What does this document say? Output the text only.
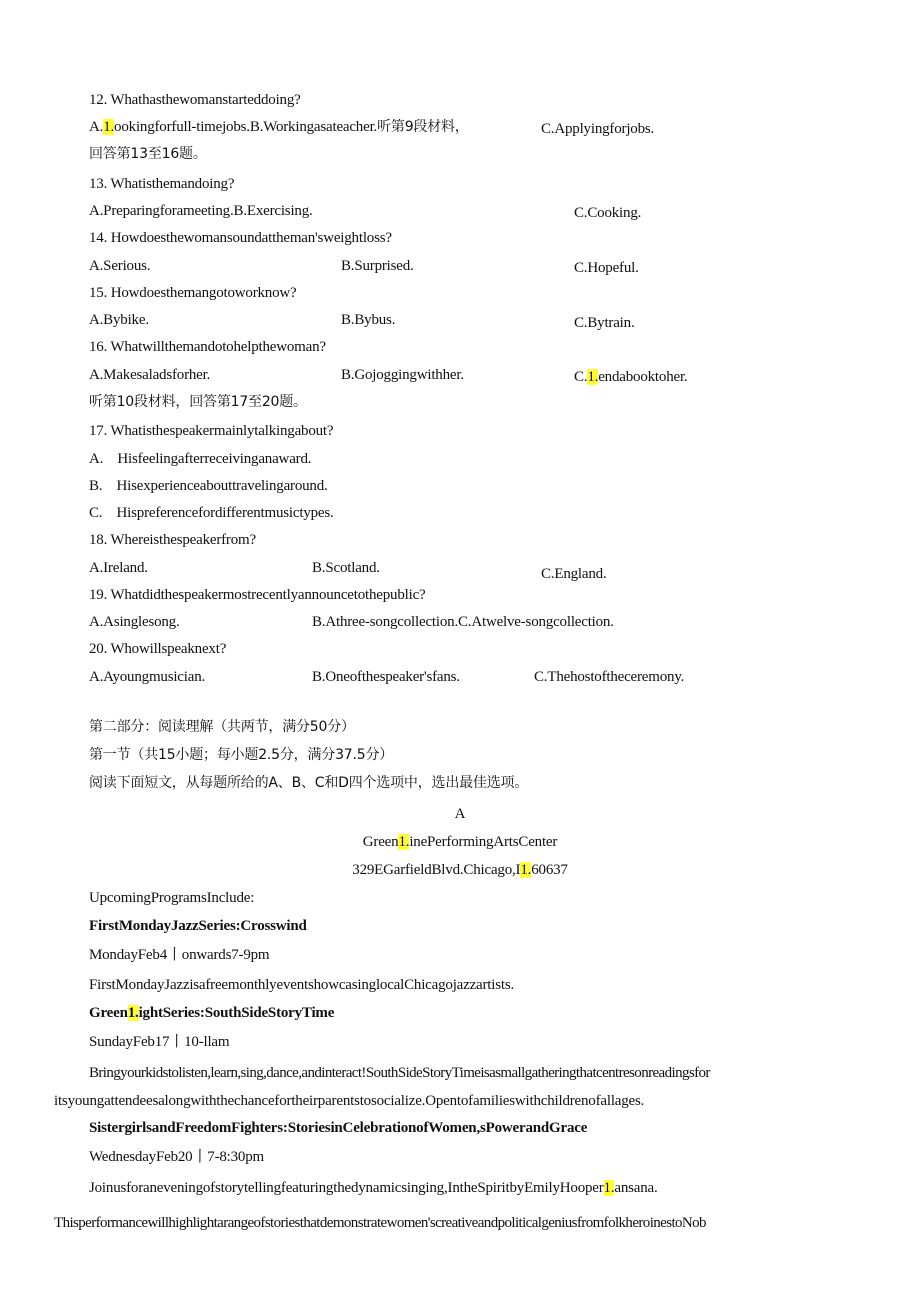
12. Whathasthewomanstarteddoing?
A.1.ookingforfull-timejobs.B.Workingasateacher.听第9段材料，	C.Applyingforjobs.
回答第13至16题。
13. Whatisthemandoing?
A.Preparingforameeting.B.Exercising.	C.Cooking.
14. Howdoesthewomansoundattheman'sweightloss?
A.Serious.	B.Surprised.	C.Hopeful.
15. Howdoesthemangotoworknow?
A.Bybike.	B.Bybus.	C.Bytrain.
16. Whatwillthemandotohelpthewoman?
A.Makesaladsforher.	B.Gojoggingwithher.	C.1.endabooktoher.
听第10段材料，回答第17至20题。
17. Whatisthespeakermainlytalkingabout?
A.    Hisfeelingafterreceivinganaward.
B.    Hisexperienceabouttravelingaround.
C.    Hispreferencefordifferentmusictypes.
18. Whereisthespeakerfrom?
A.Ireland.	B.Scotland.	C.England.
19. Whatdidthespeakermostrecentlyannouncetothepublic?
A.Asinglesong.	B.Athree-songcollection.C.Atwelve-songcollection.
20. Whowillspeaknext?
A.Ayoungmusician.	B.Oneofthespeaker'sfans.	C.Thehostoftheceremony.
第二部分：阅读理解（共两节，满分50分）
第一节（共15小题；每小题2.5分，满分37.5分）
阅读下面短文，从每题所给的A、B、C和D四个选项中，选出最佳选项。
A
Green1.inePerformingArtsCenter
329EGarfieldBlvd.Chicago,I1.60637
UpcomingProgramsInclude:
FirstMondayJazzSeries:Crosswind
MondayFeb4丨onwards7-9pm
FirstMondayJazzisafreemonthlyeventshowcasinglocalChicagojazzartists.
Green1.ightSeries:SouthSideStoryTime
SundayFeb17丨10-llam
Bringyourkidstolisten,learn,sing,dance,andinteract!SouthSideStoryTimeisasmallgatheringthatcentresonreadingsfor
itsyoungattendeesalongwiththechancefortheirparentstosocialize.Opentofamilieswithchildrenofallages.
SistergirlsandFreedomFighters:StoriesinCelebrationofWomen,sPowerandGrace
WednesdayFeb20丨7-8:30pm
Joinusforaneveningofstorytellingfeaturingthedynamicsinging,IntheSpiritbyEmilyHooper1.ansana.
Thisperformancewillhighlightarangeofstoriesthatdemonstratewomen'screativeandpoliticalgeniusfromfolkheroinestoNob
